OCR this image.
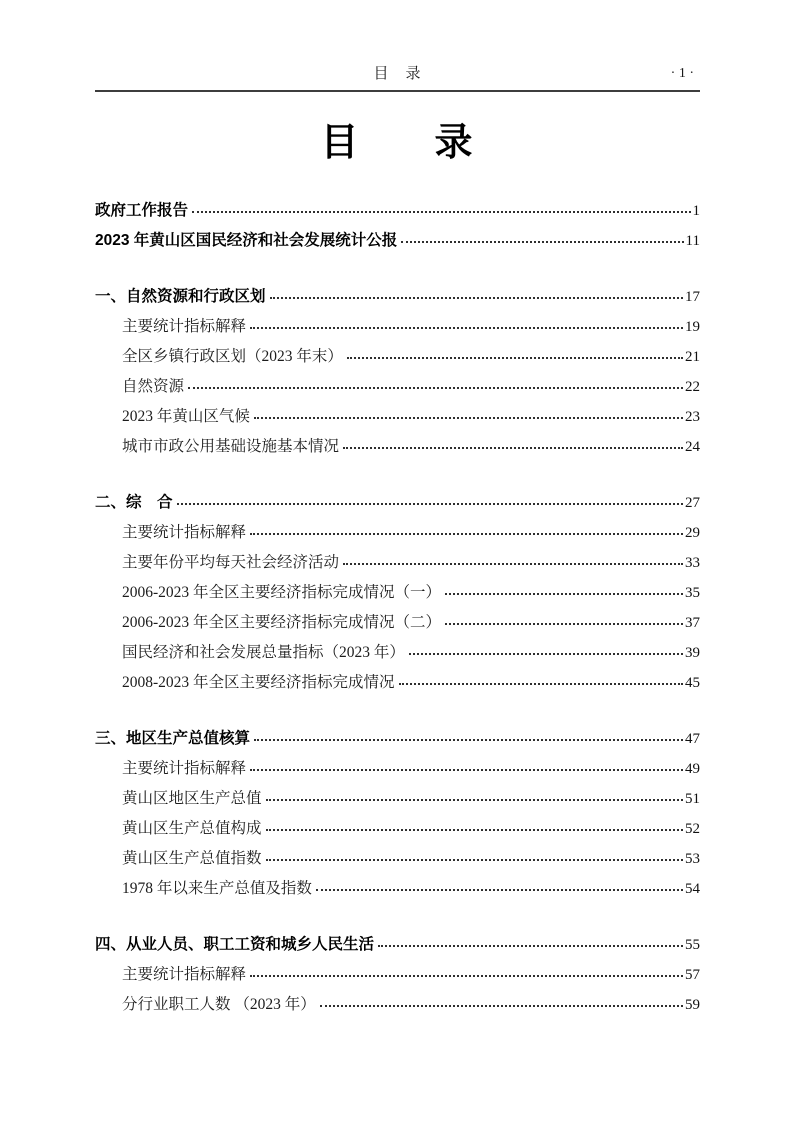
目　录	· 1 ·
目　　录
政府工作报告	1
2023 年黄山区国民经济和社会发展统计公报	11
一、自然资源和行政区划	17
主要统计指标解释	19
全区乡镇行政区划（2023 年末）	21
自然资源	22
2023 年黄山区气候	23
城市市政公用基础设施基本情况	24
二、综　合	27
主要统计指标解释	29
主要年份平均每天社会经济活动	33
2006-2023 年全区主要经济指标完成情况（一）	35
2006-2023 年全区主要经济指标完成情况（二）	37
国民经济和社会发展总量指标（2023 年）	39
2008-2023 年全区主要经济指标完成情况	45
三、地区生产总值核算	47
主要统计指标解释	49
黄山区地区生产总值	51
黄山区生产总值构成	52
黄山区生产总值指数	53
1978 年以来生产总值及指数	54
四、从业人员、职工工资和城乡人民生活	55
主要统计指标解释	57
分行业职工人数 （2023 年）	59
